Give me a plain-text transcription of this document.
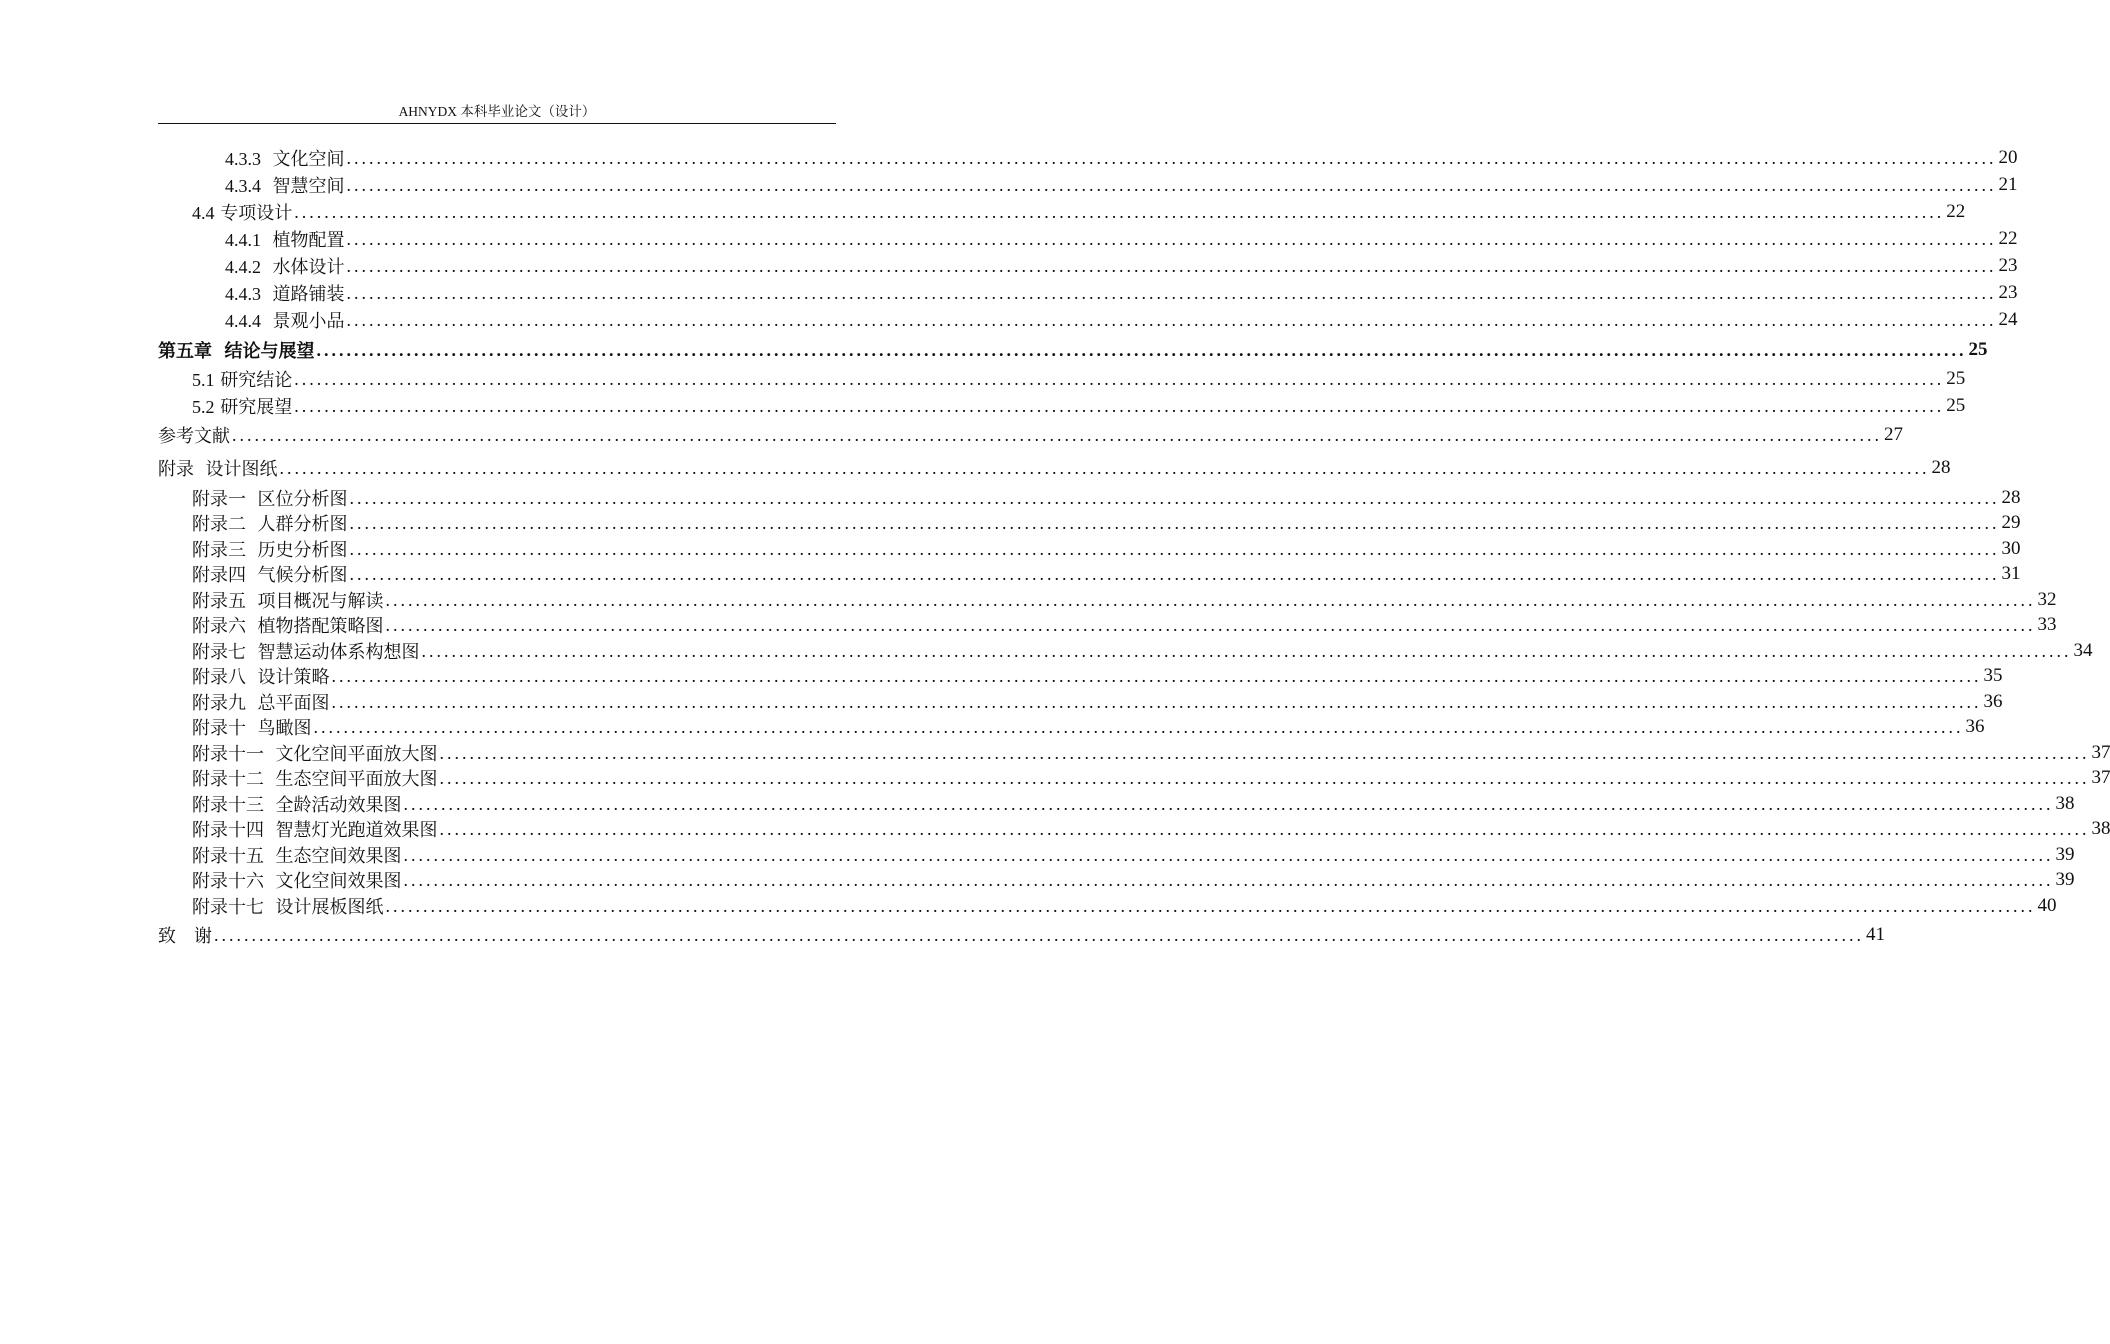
AHNYDX 本科毕业论文（设计）
4.3.3 文化空间 ............................................................................................................................................................................................................................ 20
4.3.4 智慧空间 ............................................................................................................................................................................................................................ 21
4.4 专项设计 ............................................................................................................................................................................................................................ 22
4.4.1 植物配置 ............................................................................................................................................................................................................................ 22
4.4.2 水体设计 ............................................................................................................................................................................................................................ 23
4.4.3 道路铺装 ............................................................................................................................................................................................................................ 23
4.4.4 景观小品 ............................................................................................................................................................................................................................ 24
第五章 结论与展望 ............................................................................................................................................................................................................................ 25
5.1 研究结论 ............................................................................................................................................................................................................................ 25
5.2 研究展望 ............................................................................................................................................................................................................................ 25
参考文献 ............................................................................................................................................................................................................................ 27
附录 设计图纸 ............................................................................................................................................................................................................................ 28
附录一 区位分析图 ............................................................................................................................................................................................................................ 28
附录二 人群分析图 ............................................................................................................................................................................................................................ 29
附录三 历史分析图 ............................................................................................................................................................................................................................ 30
附录四 气候分析图 ............................................................................................................................................................................................................................ 31
附录五 项目概况与解读 ............................................................................................................................................................................................................................ 32
附录六 植物搭配策略图 ............................................................................................................................................................................................................................ 33
附录七 智慧运动体系构想图 ............................................................................................................................................................................................................................ 34
附录八 设计策略 ............................................................................................................................................................................................................................ 35
附录九 总平面图 ............................................................................................................................................................................................................................ 36
附录十 鸟瞰图 ............................................................................................................................................................................................................................ 36
附录十一 文化空间平面放大图 ............................................................................................................................................................................................................................ 37
附录十二 生态空间平面放大图 ............................................................................................................................................................................................................................ 37
附录十三 全龄活动效果图 ............................................................................................................................................................................................................................ 38
附录十四 智慧灯光跑道效果图 ............................................................................................................................................................................................................................ 38
附录十五 生态空间效果图 ............................................................................................................................................................................................................................ 39
附录十六 文化空间效果图 ............................................................................................................................................................................................................................ 39
附录十七 设计展板图纸 ............................................................................................................................................................................................................................ 40
致　谢 ............................................................................................................................................................................................................................ 41
